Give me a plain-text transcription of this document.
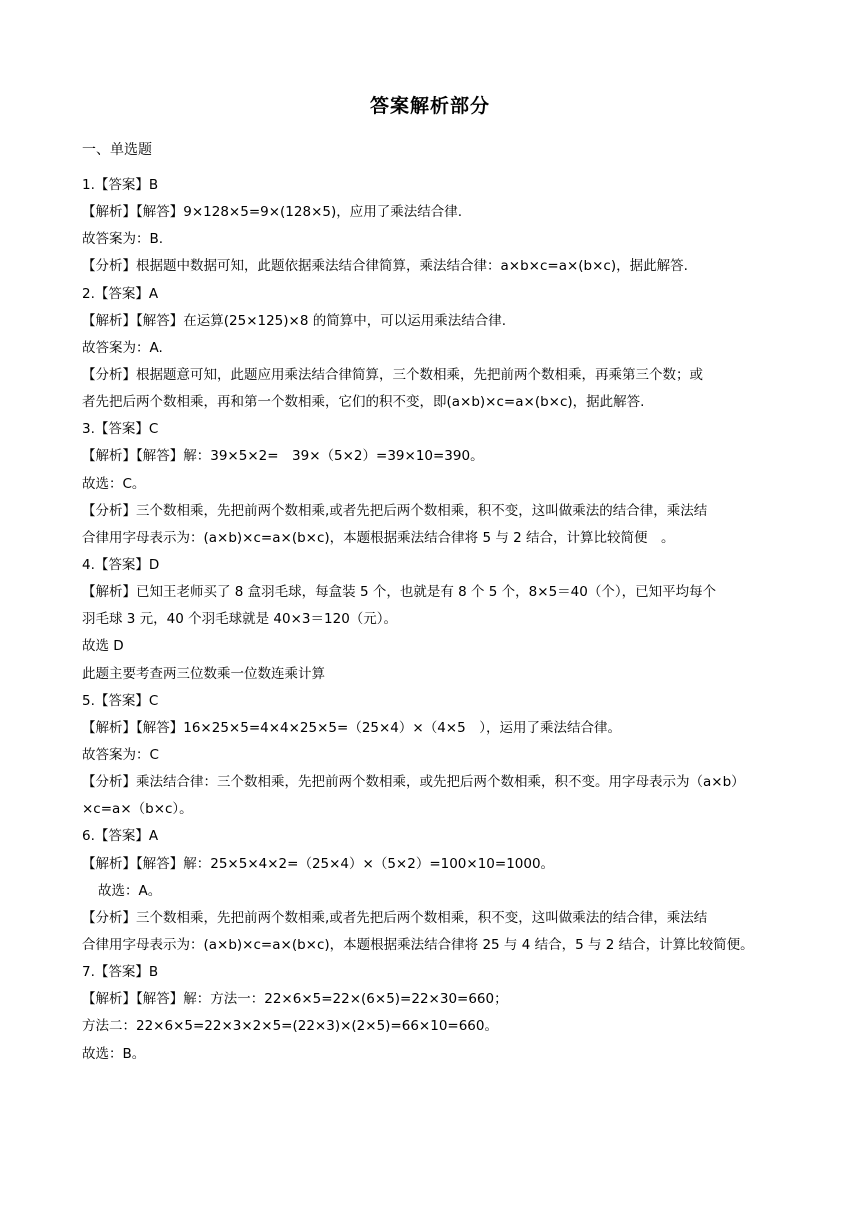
答案解析部分
一、单选题
1.【答案】B
【解析】【解答】9×128×5=9×(128×5)，应用了乘法结合律.
故答案为：B.
【分析】根据题中数据可知，此题依据乘法结合律简算，乘法结合律：a×b×c=a×(b×c)，据此解答.
2.【答案】A
【解析】【解答】在运算(25×125)×8 的简算中，可以运用乘法结合律.
故答案为：A.
【分析】根据题意可知，此题应用乘法结合律简算，三个数相乘，先把前两个数相乘，再乘第三个数；或
者先把后两个数相乘，再和第一个数相乘，它们的积不变，即(a×b)×c=a×(b×c)，据此解答.
3.【答案】C
【解析】【解答】解：39×5×2=　39×（5×2）=39×10=390。
故选：C。
【分析】三个数相乘，先把前两个数相乘,或者先把后两个数相乘，积不变，这叫做乘法的结合律，乘法结
合律用字母表示为：(a×b)×c=a×(b×c)，本题根据乘法结合律将 5 与 2 结合，计算比较简便　。
4.【答案】D
【解析】已知王老师买了 8 盒羽毛球，每盒装 5 个，也就是有 8 个 5 个，8×5＝40（个），已知平均每个
羽毛球 3 元，40 个羽毛球就是 40×3＝120（元）。
故选 D
此题主要考查两三位数乘一位数连乘计算
5.【答案】C
【解析】【解答】16×25×5=4×4×25×5=（25×4）×（4×5　），运用了乘法结合律。
故答案为：C
【分析】乘法结合律：三个数相乘，先把前两个数相乘，或先把后两个数相乘，积不变。用字母表示为（a×b）
×c=a×（b×c）。
6.【答案】A
【解析】【解答】解：25×5×4×2=（25×4）×（5×2）=100×10=1000。
故选：A。
【分析】三个数相乘，先把前两个数相乘,或者先把后两个数相乘，积不变，这叫做乘法的结合律，乘法结
合律用字母表示为：(a×b)×c=a×(b×c)，本题根据乘法结合律将 25 与 4 结合，5 与 2 结合，计算比较简便。
7.【答案】B
【解析】【解答】解：方法一：22×6×5=22×(6×5)=22×30=660；
方法二：22×6×5=22×3×2×5=(22×3)×(2×5)=66×10=660。
故选：B。
